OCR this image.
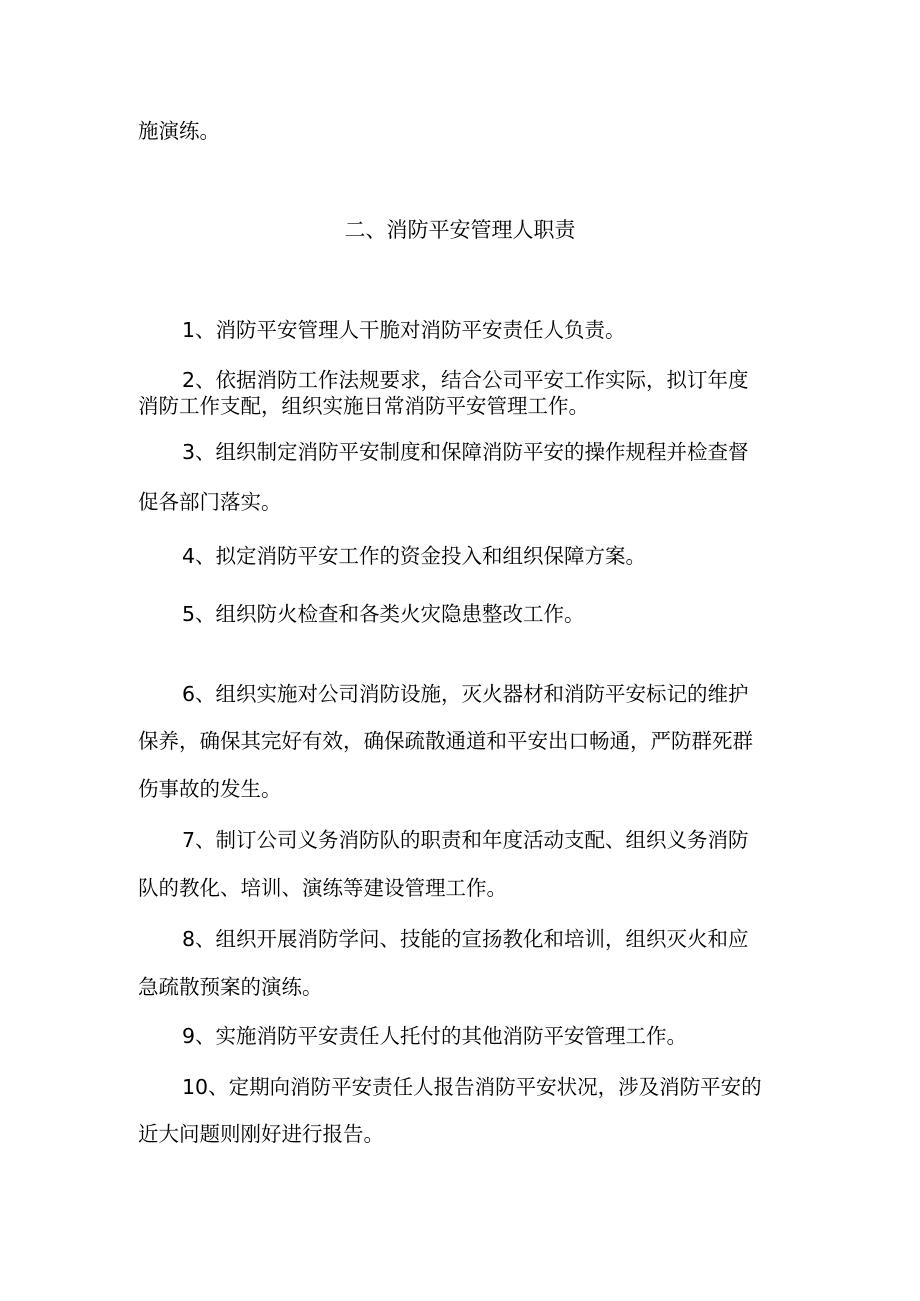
施演练。

二、消防平安管理人职责

1、消防平安管理人干脆对消防平安责任人负责。

2、依据消防工作法规要求，结合公司平安工作实际，拟订年度

消防工作支配，组织实施日常消防平安管理工作。

3、组织制定消防平安制度和保障消防平安的操作规程并检查督

促各部门落实。

4、拟定消防平安工作的资金投入和组织保障方案。

5、组织防火检查和各类火灾隐患整改工作。

6、组织实施对公司消防设施，灭火器材和消防平安标记的维护

保养，确保其完好有效，确保疏散通道和平安出口畅通，严防群死群

伤事故的发生。

7、制订公司义务消防队的职责和年度活动支配、组织义务消防

队的教化、培训、演练等建设管理工作。

8、组织开展消防学问、技能的宣扬教化和培训，组织灭火和应

急疏散预案的演练。

9、实施消防平安责任人托付的其他消防平安管理工作。

10、定期向消防平安责任人报告消防平安状况，涉及消防平安的

近大问题则刚好进行报告。
